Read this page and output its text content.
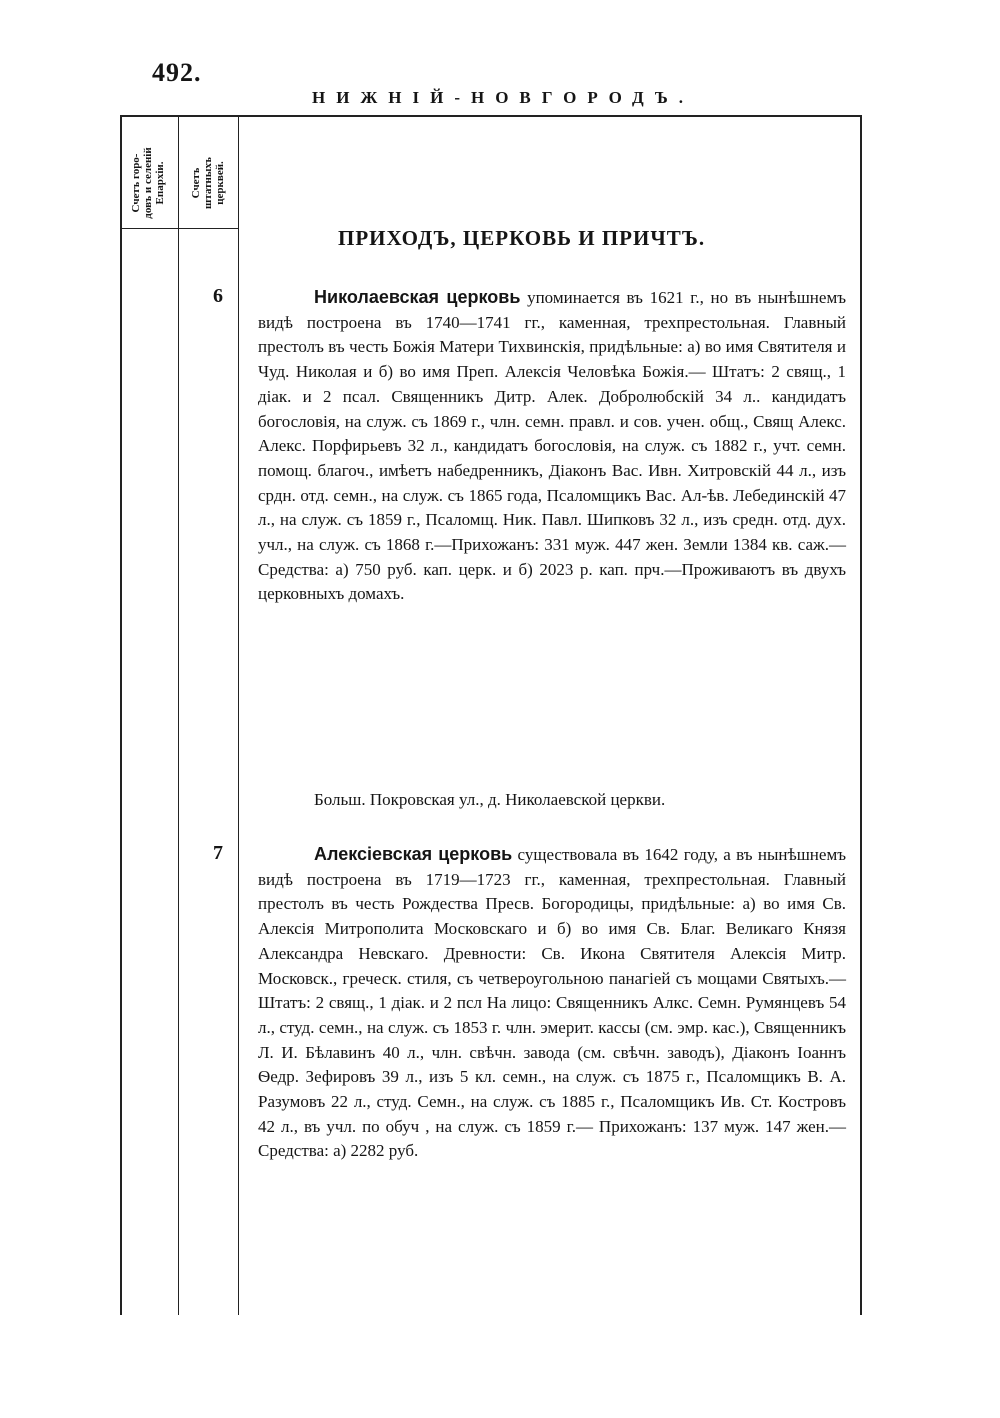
492.
НИЖНІЙ-НОВГОРОДЪ.
Счетъ горо-
довъ и селеній
Епархіи. Счетъ
штатныхъ
церквей.
ПРИХОДЪ, ЦЕРКОВЬ И ПРИЧТЪ.
6	Николаевская церковь упоминается въ 1621 г., но въ нынѣшнемъ видѣ построена въ 1740—1741 гг., каменная, трехпрестольная. Главный престолъ въ честь Божія Матери Тихвинскія, придѣльные: а) во имя Святителя и Чуд. Николая и б) во имя Преп. Алексія Человѣка Божія.— Штатъ: 2 свящ., 1 діак. и 2 псал. Священникъ Дитр. Алек. Добролюбскій 34 л.. кандидатъ богословія, на служ. съ 1869 г., члн. семн. правл. и сов. учен. общ., Свящ Алекс. Алекс. Порфирьевъ 32 л., кандидатъ богословія, на служ. съ 1882 г., учт. семн. помощ. благоч., имѣетъ набедренникъ, Діаконъ Вас. Ивн. Хитровскій 44 л., изъ срдн. отд. семн., на служ. съ 1865 года, Псаломщикъ Вас. Ал-ѣв. Лебединскій 47 л., на служ. съ 1859 г., Псаломщ. Ник. Павл. Шипковъ 32 л., изъ средн. отд. дух. учл., на служ. съ 1868 г.—Прихожанъ: 331 муж. 447 жен. Земли 1384 кв. саж.— Средства: а) 750 руб. кап. церк. и б) 2023 р. кап. прч.—Проживаютъ въ двухъ церковныхъ домахъ.

Больш. Покровская ул., д. Николаевской церкви.
7	Алексіевская церковь существовала въ 1642 году, а въ нынѣшнемъ видѣ построена въ 1719—1723 гг., каменная, трехпрестольная. Главный престолъ въ честь Рождества Пресв. Богородицы, придѣльные: а) во имя Св. Алексія Митрополита Московскаго и б) во имя Св. Благ. Великаго Князя Александра Невскаго. Древности: Св. Икона Святителя Алексія Митр. Московск., греческ. стиля, съ четвероугольною панагіей съ мощами Святыхъ.— Штатъ: 2 свящ., 1 діак. и 2 псл На лицо: Священникъ Алкс. Семн. Румянцевъ 54 л., студ. семн., на служ. съ 1853 г. члн. эмерит. кассы (см. эмр. кас.), Священникъ Л. И. Бѣлавинъ 40 л., члн. свѣчн. завода (см. свѣчн. заводъ), Діаконъ Іоаннъ Ѳедр. Зефировъ 39 л., изъ 5 кл. семн., на служ. съ 1875 г., Псаломщикъ В. А. Разумовъ 22 л., студ. Семн., на служ. съ 1885 г., Псаломщикъ Ив. Ст. Костровъ 42 л., въ учл. по обуч , на служ. съ 1859 г.— Прихожанъ: 137 муж. 147 жен.— Средства: а) 2282 руб.
